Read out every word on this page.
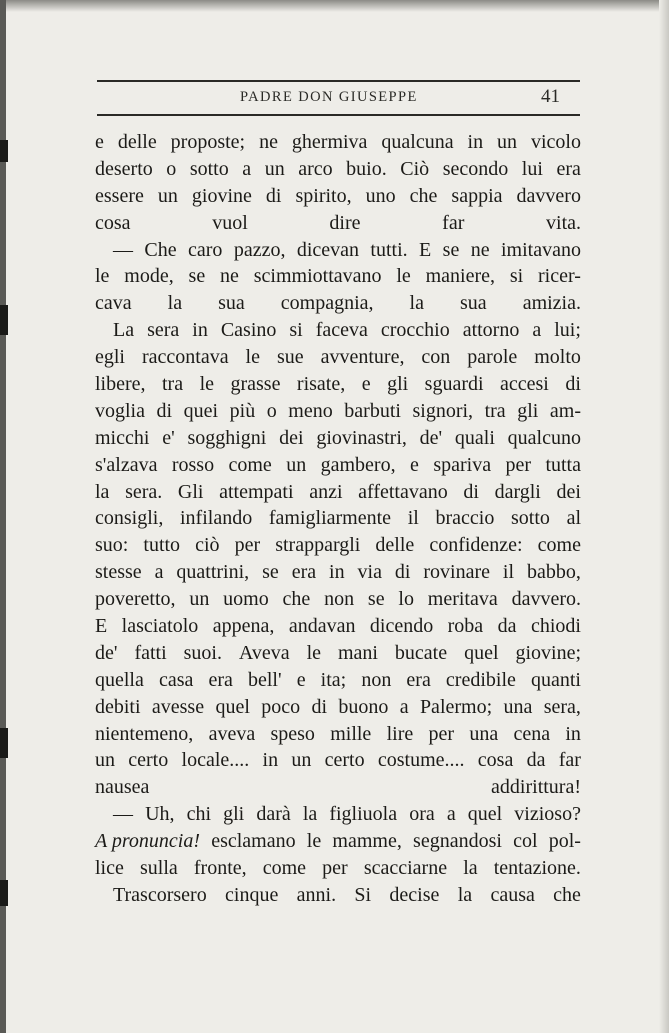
PADRE DON GIUSEPPE	41
e delle proposte; ne ghermiva qualcuna in un vicolo
deserto o sotto a un arco buio. Ciò secondo lui era
essere un giovine di spirito, uno che sappia davvero
cosa vuol dire far vita.
— Che caro pazzo, dicevan tutti. E se ne imitavano
le mode, se ne scimmiottavano le maniere, si ricer-
cava la sua compagnia, la sua amizia.
La sera in Casino si faceva crocchio attorno a lui;
egli raccontava le sue avventure, con parole molto
libere, tra le grasse risate, e gli sguardi accesi di
voglia di quei più o meno barbuti signori, tra gli am-
micchi e' sogghigni dei giovinastri, de' quali qualcuno
s'alzava rosso come un gambero, e spariva per tutta
la sera. Gli attempati anzi affettavano di dargli dei
consigli, infilando famigliarmente il braccio sotto al
suo: tutto ciò per strappargli delle confidenze: come
stesse a quattrini, se era in via di rovinare il babbo,
poveretto, un uomo che non se lo meritava davvero.
E lasciatolo appena, andavan dicendo roba da chiodi
de' fatti suoi. Aveva le mani bucate quel giovine;
quella casa era bell' e ita; non era credibile quanti
debiti avesse quel poco di buono a Palermo; una sera,
nientemeno, aveva speso mille lire per una cena in
un certo locale.... in un certo costume.... cosa da far
nausea addirittura!
— Uh, chi gli darà la figliuola ora a quel vizioso?
A pronuncia! esclamano le mamme, segnandosi col pol-
lice sulla fronte, come per scacciarne la tentazione.
Trascorsero cinque anni. Si decise la causa che
